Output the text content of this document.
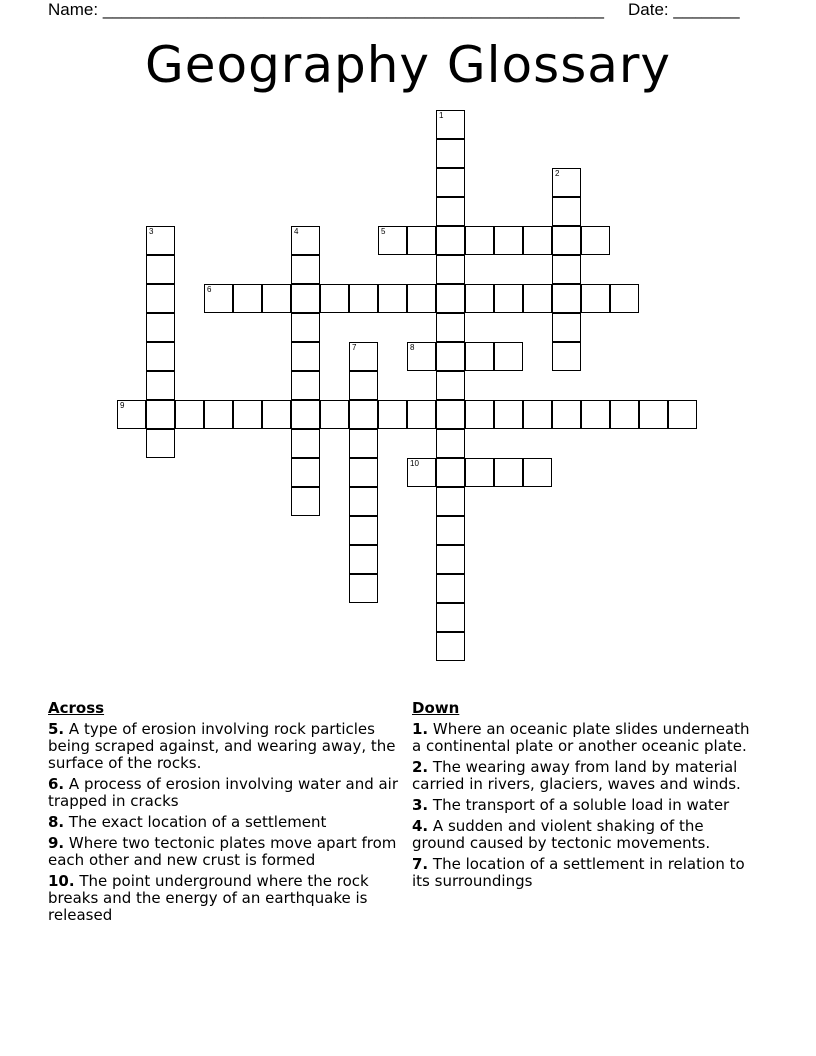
Name: _____________________________________________________ Date: _______
Geography Glossary
1
2
3	4	5
6
7	8
9
10
Across
5. A type of erosion involving rock particles being scraped against, and wearing away, the surface of the rocks.
6. A process of erosion involving water and air trapped in cracks
8. The exact location of a settlement
9. Where two tectonic plates move apart from each other and new crust is formed
10. The point underground where the rock breaks and the energy of an earthquake is released
Down
1. Where an oceanic plate slides underneath a continental plate or another oceanic plate.
2. The wearing away from land by material carried in rivers, glaciers, waves and winds.
3. The transport of a soluble load in water
4. A sudden and violent shaking of the ground caused by tectonic movements.
7. The location of a settlement in relation to its surroundings
